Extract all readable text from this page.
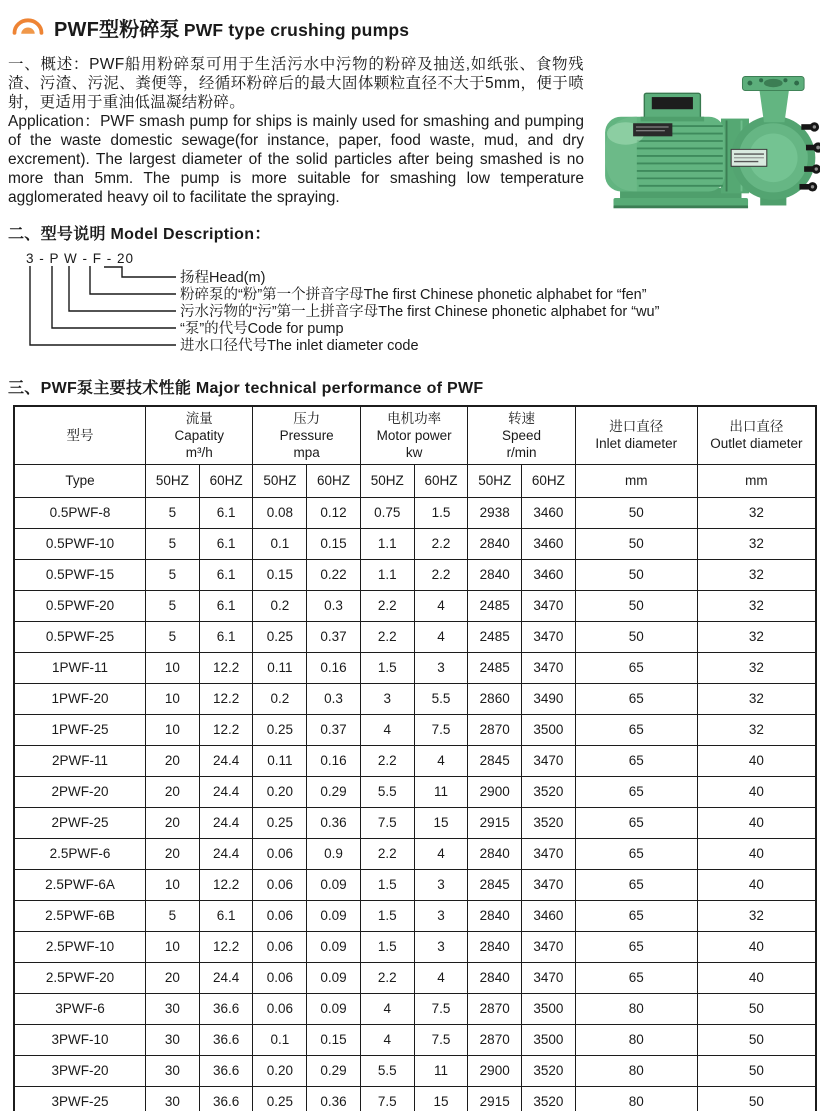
PWF型粉碎泵 PWF type crushing pumps

一、概述：PWF船用粉碎泵可用于生活污水中污物的粉碎及抽送,如纸张、食物残渣、污渣、污泥、粪便等，经循环粉碎后的最大固体颗粒直径不大于5mm，便于喷射，更适用于重油低温凝结粉碎。

Application：PWF smash pump for ships is mainly used for smashing and pumping of the waste domestic sewage(for instance, paper, food waste, mud, and dry excrement). The largest diameter of the solid particles after being smashed is no more than 5mm. The pump is more suitable for smashing low temperature agglomerated heavy oil to facilitate the spraying.

二、型号说明 Model Description：
3 - P W - F - 20
扬程Head(m)
粉碎泵的“粉”第一个拼音字母The first Chinese phonetic alphabet for “fen”
污水污物的“污”第一上拼音字母The first Chinese phonetic alphabet for “wu”
“泵”的代号Code for pump
进水口径代号The inlet diameter code
三、PWF泵主要技术性能 Major technical performance of PWF
型号	流量
Capatity
m³/h		压力
Pressure
mpa		电机功率
Motor power
kw		转速
Speed
r/min		进口直径
Inlet diameter	出口直径
Outlet diameter

Type	50HZ	60HZ	50HZ	60HZ	50HZ	60HZ	50HZ	60HZ	mm	mm
0.5PWF-8	5	6.1	0.08	0.12	0.75	1.5	2938	3460	50	32
0.5PWF-10	5	6.1	0.1	0.15	1.1	2.2	2840	3460	50	32
0.5PWF-15	5	6.1	0.15	0.22	1.1	2.2	2840	3460	50	32
0.5PWF-20	5	6.1	0.2	0.3	2.2	4	2485	3470	50	32
0.5PWF-25	5	6.1	0.25	0.37	2.2	4	2485	3470	50	32
1PWF-11	10	12.2	0.11	0.16	1.5	3	2485	3470	65	32
1PWF-20	10	12.2	0.2	0.3	3	5.5	2860	3490	65	32
1PWF-25	10	12.2	0.25	0.37	4	7.5	2870	3500	65	32
2PWF-11	20	24.4	0.11	0.16	2.2	4	2845	3470	65	40
2PWF-20	20	24.4	0.20	0.29	5.5	11	2900	3520	65	40
2PWF-25	20	24.4	0.25	0.36	7.5	15	2915	3520	65	40
2.5PWF-6	20	24.4	0.06	0.9	2.2	4	2840	3470	65	40
2.5PWF-6A	10	12.2	0.06	0.09	1.5	3	2845	3470	65	40
2.5PWF-6B	5	6.1	0.06	0.09	1.5	3	2840	3460	65	32
2.5PWF-10	10	12.2	0.06	0.09	1.5	3	2840	3470	65	40
2.5PWF-20	20	24.4	0.06	0.09	2.2	4	2840	3470	65	40
3PWF-6	30	36.6	0.06	0.09	4	7.5	2870	3500	80	50
3PWF-10	30	36.6	0.1	0.15	4	7.5	2870	3500	80	50
3PWF-20	30	36.6	0.20	0.29	5.5	11	2900	3520	80	50
3PWF-25	30	36.6	0.25	0.36	7.5	15	2915	3520	80	50
